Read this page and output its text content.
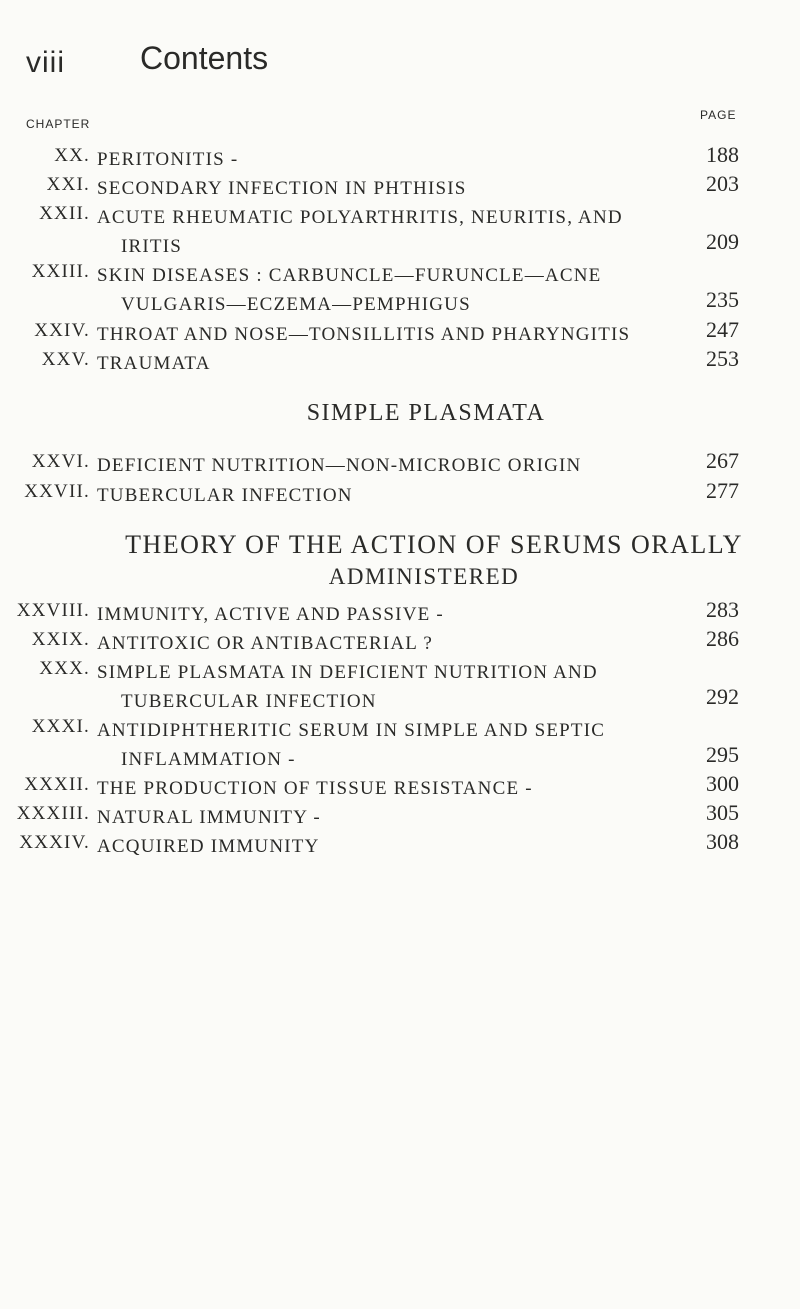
viii Contents
CHAPTER
PAGE
XX. PERITONITIS -	188
XXI. SECONDARY INFECTION IN PHTHISIS	203
XXII. ACUTE RHEUMATIC POLYARTHRITIS, NEURITIS, AND
IRITIS	209
XXIII. SKIN DISEASES : CARBUNCLE—FURUNCLE—ACNE
VULGARIS—ECZEMA—PEMPHIGUS	235
XXIV. THROAT AND NOSE—TONSILLITIS AND PHARYNGITIS	247
XXV. TRAUMATA	253
SIMPLE PLASMATA
XXVI. DEFICIENT NUTRITION—NON-MICROBIC ORIGIN	267
XXVII. TUBERCULAR INFECTION	277
THEORY OF THE ACTION OF SERUMS ORALLY
ADMINISTERED
XXVIII. IMMUNITY, ACTIVE AND PASSIVE -	283
XXIX. ANTITOXIC OR ANTIBACTERIAL ?	286
XXX. SIMPLE PLASMATA IN DEFICIENT NUTRITION AND
TUBERCULAR INFECTION	292
XXXI. ANTIDIPHTHERITIC SERUM IN SIMPLE AND SEPTIC
INFLAMMATION -	295
XXXII. THE PRODUCTION OF TISSUE RESISTANCE -	300
XXXIII. NATURAL IMMUNITY -	305
XXXIV. ACQUIRED IMMUNITY	308
